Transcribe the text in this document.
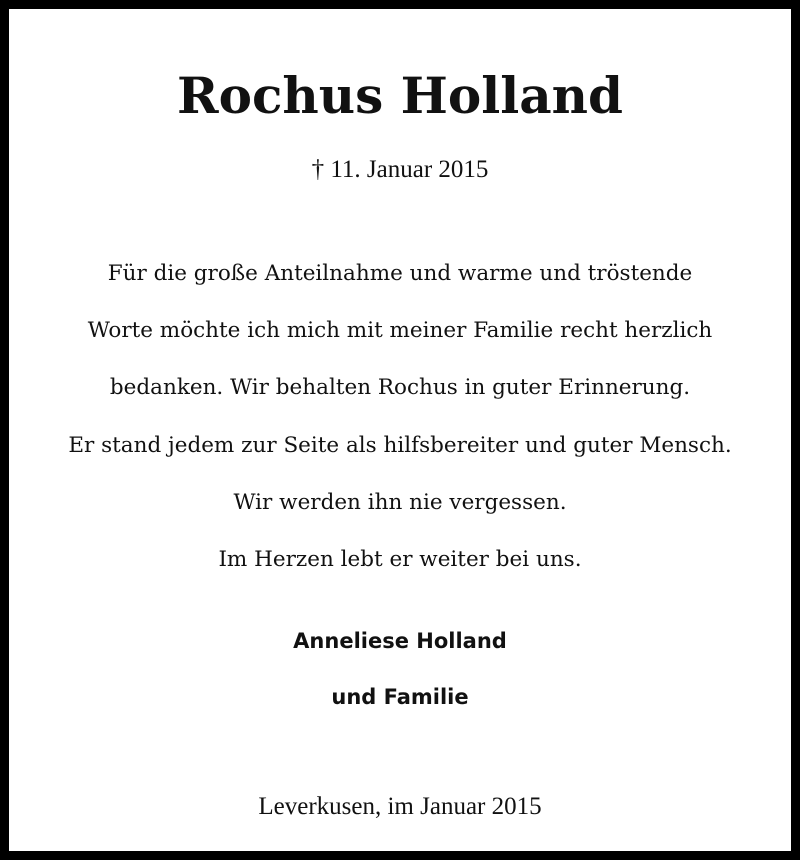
Rochus Holland
† 11. Januar 2015
Für die große Anteilnahme und warme und tröstende
Worte möchte ich mich mit meiner Familie recht herzlich
bedanken. Wir behalten Rochus in guter Erinnerung.
Er stand jedem zur Seite als hilfsbereiter und guter Mensch.
Wir werden ihn nie vergessen.
Im Herzen lebt er weiter bei uns.
Anneliese Holland
und Familie
Leverkusen, im Januar 2015
